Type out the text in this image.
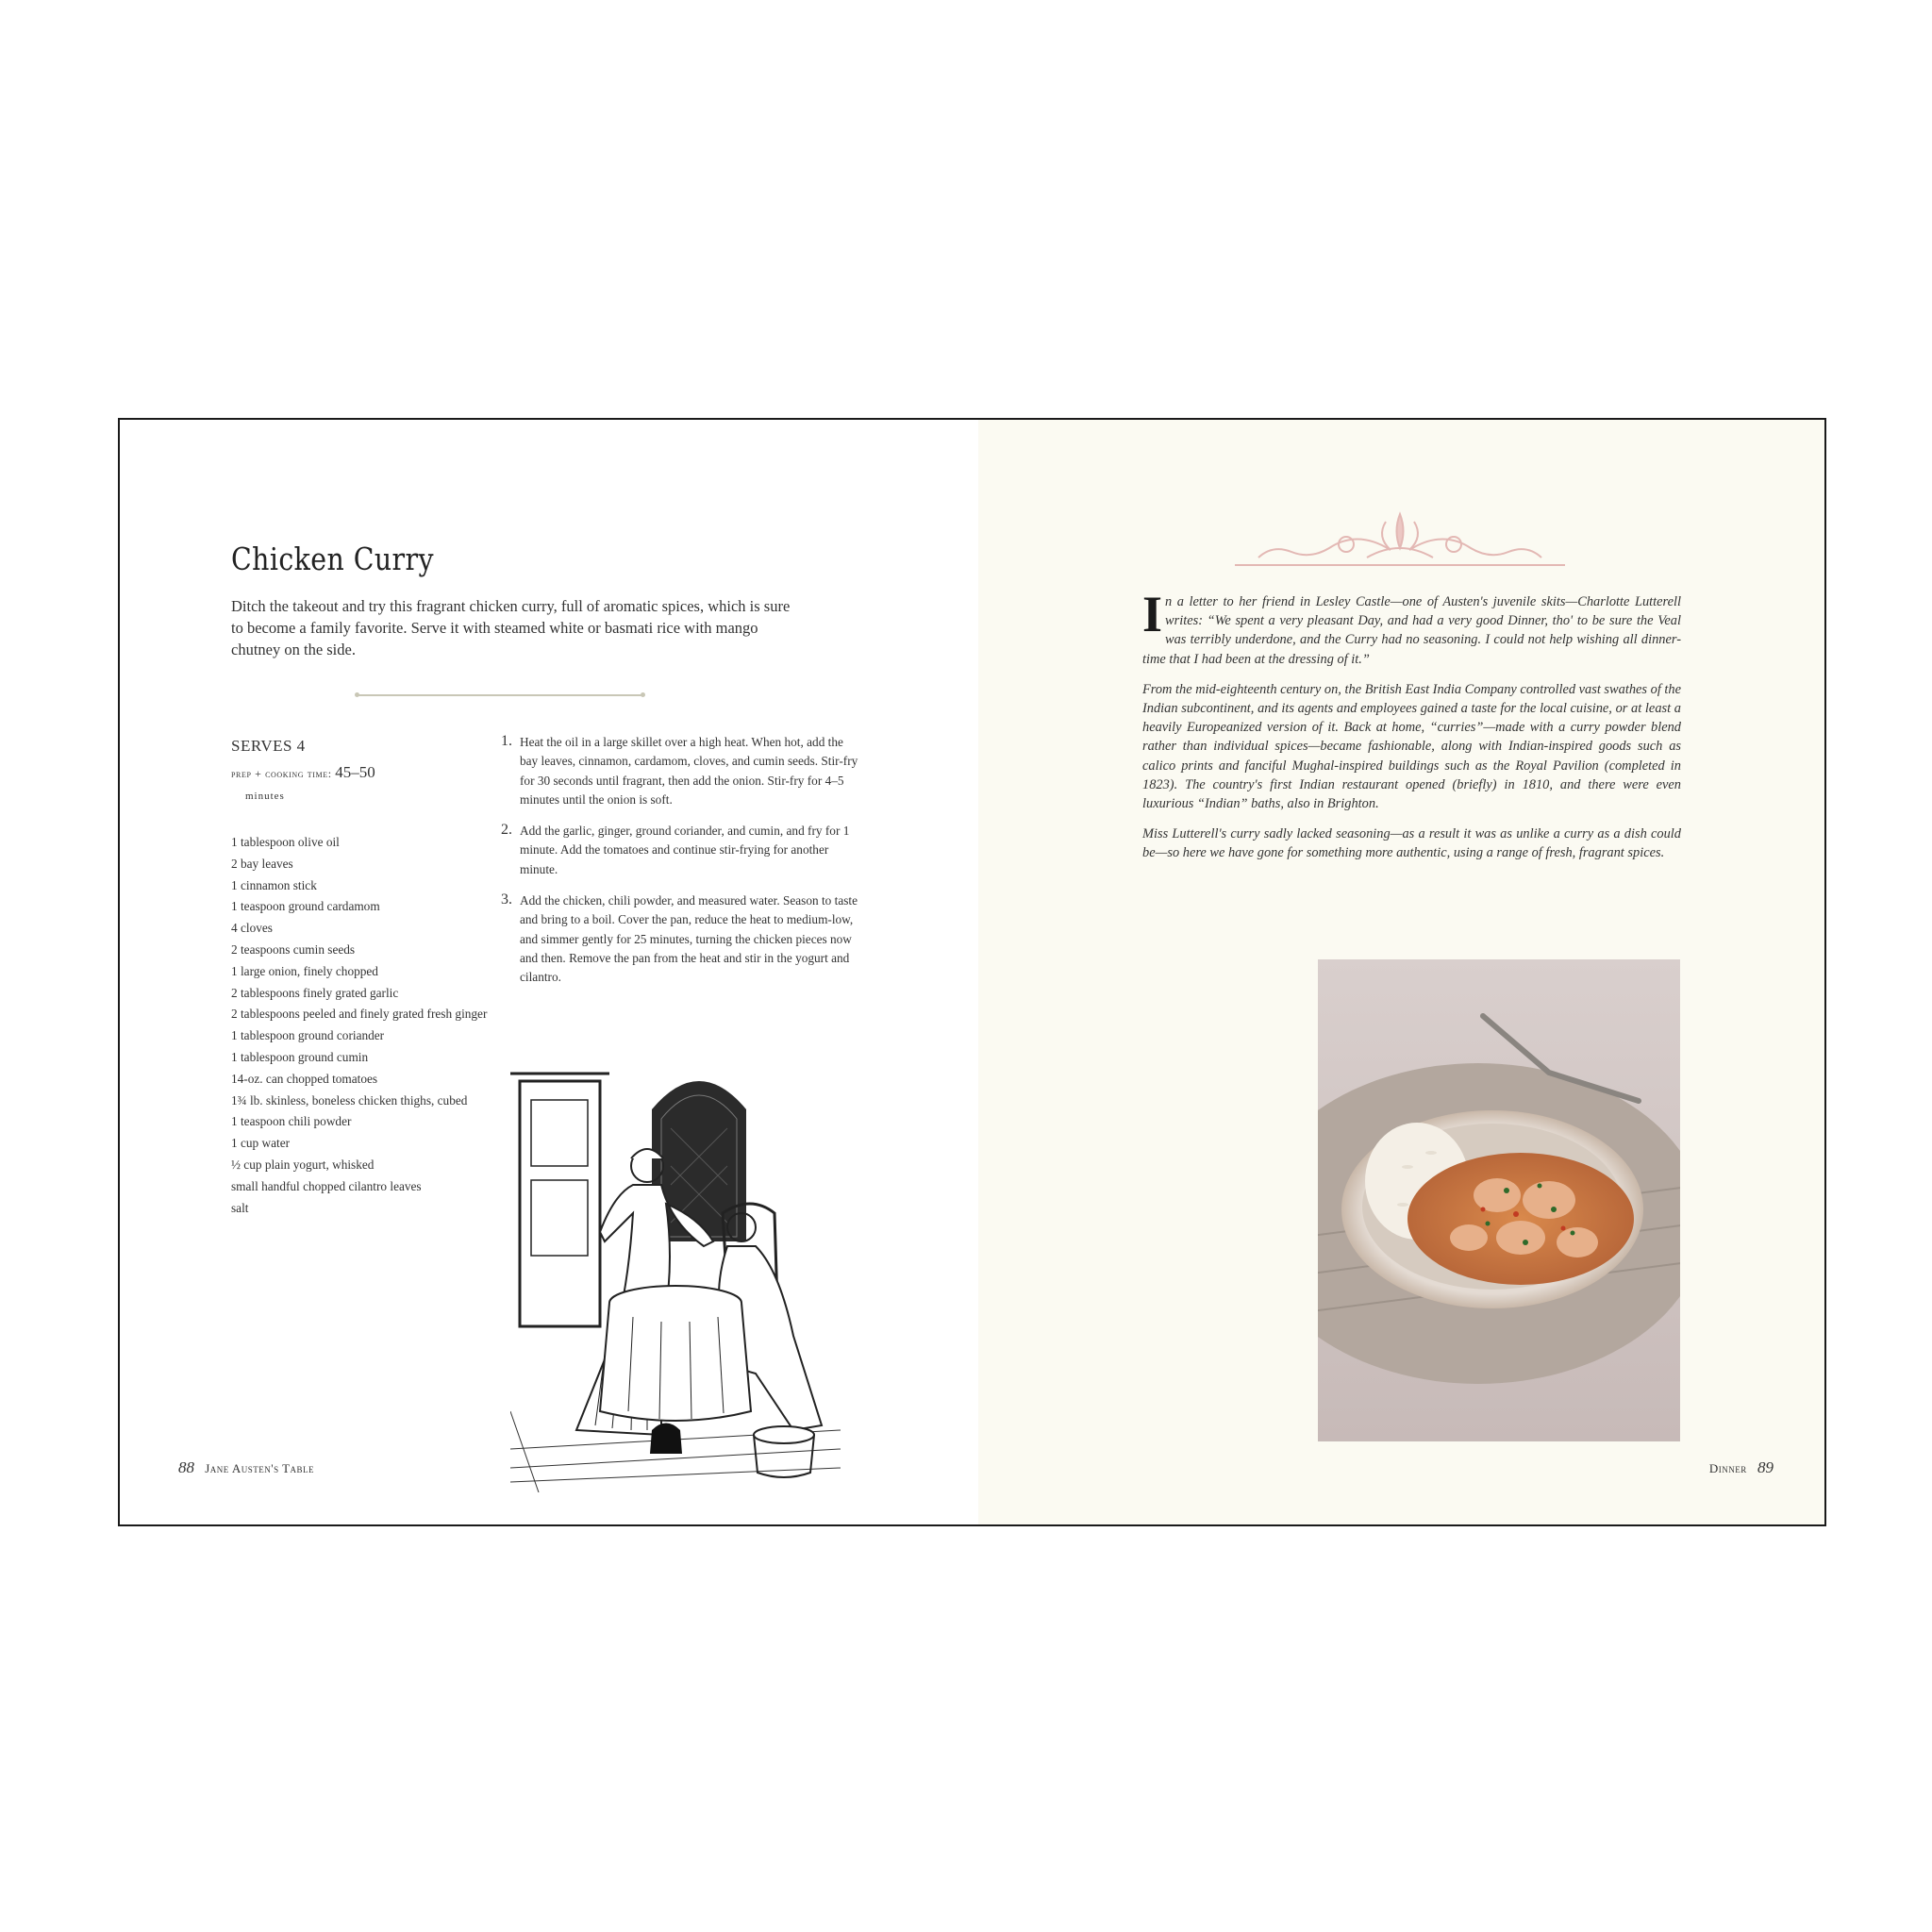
Chicken Curry
Ditch the takeout and try this fragrant chicken curry, full of aromatic spices, which is sure to become a family favorite. Serve it with steamed white or basmati rice with mango chutney on the side.
SERVES 4
prep + cooking time: 45–50
minutes
1 tablespoon olive oil
2 bay leaves
1 cinnamon stick
1 teaspoon ground cardamom
4 cloves
2 teaspoons cumin seeds
1 large onion, finely chopped
2 tablespoons finely grated garlic
2 tablespoons peeled and finely grated fresh ginger
1 tablespoon ground coriander
1 tablespoon ground cumin
14-oz. can chopped tomatoes
1¾ lb. skinless, boneless chicken thighs, cubed
1 teaspoon chili powder
1 cup water
½ cup plain yogurt, whisked
small handful chopped cilantro leaves
salt
1. Heat the oil in a large skillet over a high heat. When hot, add the bay leaves, cinnamon, cardamom, cloves, and cumin seeds. Stir-fry for 30 seconds until fragrant, then add the onion. Stir-fry for 4–5 minutes until the onion is soft.
2. Add the garlic, ginger, ground coriander, and cumin, and fry for 1 minute. Add the tomatoes and continue stir-frying for another minute.
3. Add the chicken, chili powder, and measured water. Season to taste and bring to a boil. Cover the pan, reduce the heat to medium-low, and simmer gently for 25 minutes, turning the chicken pieces now and then. Remove the pan from the heat and stir in the yogurt and cilantro.
88 Jane Austen's Table

In a letter to her friend in Lesley Castle—one of Austen's juvenile skits—Charlotte Lutterell writes: “We spent a very pleasant Day, and had a very good Dinner, tho' to be sure the Veal was terribly underdone, and the Curry had no seasoning. I could not help wishing all dinner-time that I had been at the dressing of it.”

From the mid-eighteenth century on, the British East India Company controlled vast swathes of the Indian subcontinent, and its agents and employees gained a taste for the local cuisine, or at least a heavily Europeanized version of it. Back at home, “curries”—made with a curry powder blend rather than individual spices—became fashionable, along with Indian-inspired goods such as calico prints and fanciful Mughal-inspired buildings such as the Royal Pavilion (completed in 1823). The country's first Indian restaurant opened (briefly) in 1810, and there were even luxurious “Indian” baths, also in Brighton.

Miss Lutterell's curry sadly lacked seasoning—as a result it was as unlike a curry as a dish could be—so here we have gone for something more authentic, using a range of fresh, fragrant spices.

Dinner 89
